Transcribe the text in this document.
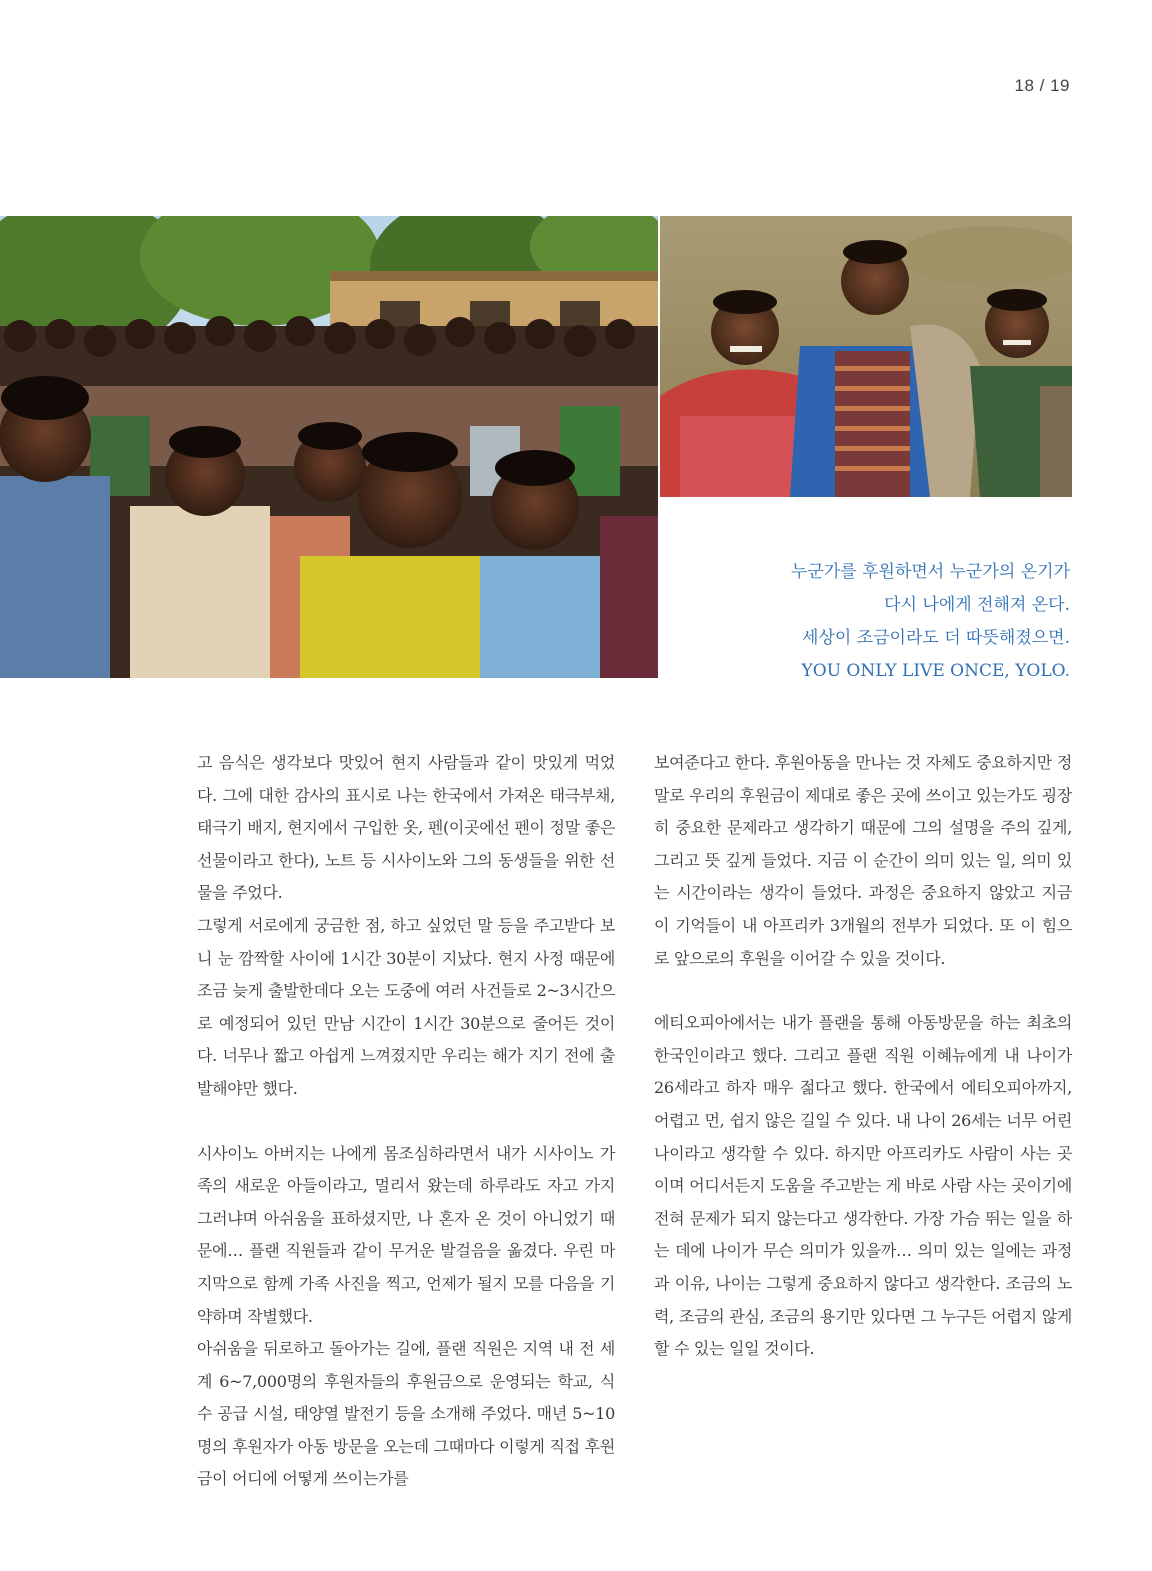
18 / 19
누군가를 후원하면서 누군가의 온기가
다시 나에게 전해져 온다.
세상이 조금이라도 더 따뜻해졌으면.
YOU ONLY LIVE ONCE, YOLO.

고 음식은 생각보다 맛있어 현지 사람들과 같이 맛있게 먹었다. 그에 대한 감사의 표시로 나는 한국에서 가져온 태극부채, 태극기 배지, 현지에서 구입한 옷, 펜(이곳에선 펜이 정말 좋은 선물이라고 한다), 노트 등 시사이노와 그의 동생들을 위한 선물을 주었다.

그렇게 서로에게 궁금한 점, 하고 싶었던 말 등을 주고받다 보니 눈 깜짝할 사이에 1시간 30분이 지났다. 현지 사정 때문에 조금 늦게 출발한데다 오는 도중에 여러 사건들로 2~3시간으로 예정되어 있던 만남 시간이 1시간 30분으로 줄어든 것이다. 너무나 짧고 아쉽게 느껴졌지만 우리는 해가 지기 전에 출발해야만 했다.

시사이노 아버지는 나에게 몸조심하라면서 내가 시사이노 가족의 새로운 아들이라고, 멀리서 왔는데 하루라도 자고 가지 그러냐며 아쉬움을 표하셨지만, 나 혼자 온 것이 아니었기 때문에… 플랜 직원들과 같이 무거운 발걸음을 옮겼다. 우린 마지막으로 함께 가족 사진을 찍고, 언제가 될지 모를 다음을 기약하며 작별했다.

아쉬움을 뒤로하고 돌아가는 길에, 플랜 직원은 지역 내 전 세계 6~7,000명의 후원자들의 후원금으로 운영되는 학교, 식수 공급 시설, 태양열 발전기 등을 소개해 주었다. 매년 5~10명의 후원자가 아동 방문을 오는데 그때마다 이렇게 직접 후원금이 어디에 어떻게 쓰이는가를

보여준다고 한다. 후원아동을 만나는 것 자체도 중요하지만 정말로 우리의 후원금이 제대로 좋은 곳에 쓰이고 있는가도 굉장히 중요한 문제라고 생각하기 때문에 그의 설명을 주의 깊게, 그리고 뜻 깊게 들었다. 지금 이 순간이 의미 있는 일, 의미 있는 시간이라는 생각이 들었다. 과정은 중요하지 않았고 지금 이 기억들이 내 아프리카 3개월의 전부가 되었다. 또 이 힘으로 앞으로의 후원을 이어갈 수 있을 것이다.

에티오피아에서는 내가 플랜을 통해 아동방문을 하는 최초의 한국인이라고 했다. 그리고 플랜 직원 이혜뉴에게 내 나이가 26세라고 하자 매우 젊다고 했다. 한국에서 에티오피아까지, 어렵고 먼, 쉽지 않은 길일 수 있다. 내 나이 26세는 너무 어린 나이라고 생각할 수 있다. 하지만 아프리카도 사람이 사는 곳이며 어디서든지 도움을 주고받는 게 바로 사람 사는 곳이기에 전혀 문제가 되지 않는다고 생각한다. 가장 가슴 뛰는 일을 하는 데에 나이가 무슨 의미가 있을까… 의미 있는 일에는 과정과 이유, 나이는 그렇게 중요하지 않다고 생각한다. 조금의 노력, 조금의 관심, 조금의 용기만 있다면 그 누구든 어렵지 않게 할 수 있는 일일 것이다.
